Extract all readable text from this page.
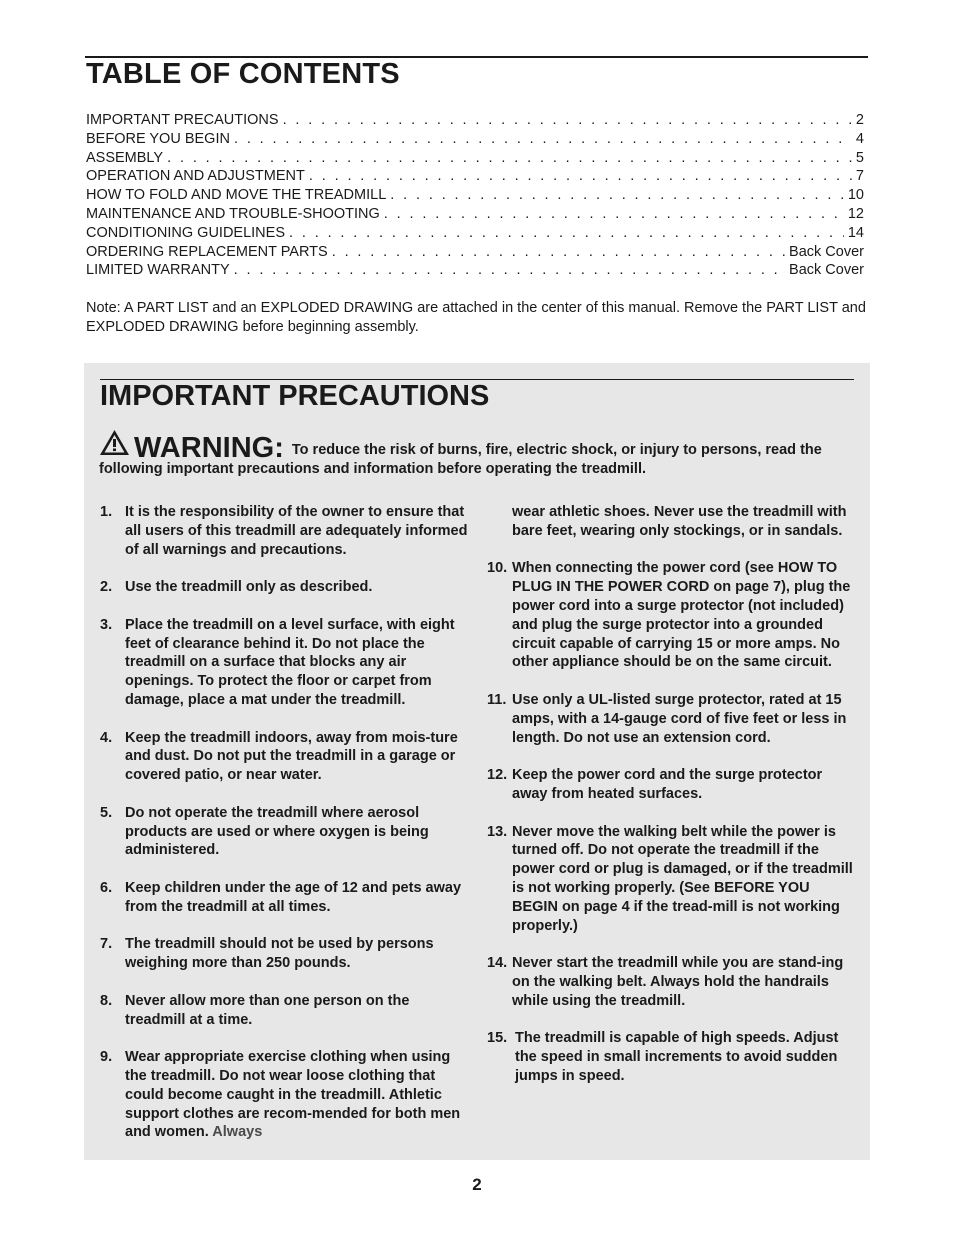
TABLE OF CONTENTS
IMPORTANT PRECAUTIONS . . .	2
BEFORE YOU BEGIN . . .	4
ASSEMBLY . . .	5
OPERATION AND ADJUSTMENT . . .	7
HOW TO FOLD AND MOVE THE TREADMILL . . .	10
MAINTENANCE AND TROUBLE-SHOOTING . . .	12
CONDITIONING GUIDELINES . . .	14
ORDERING REPLACEMENT PARTS . . .	Back Cover
LIMITED WARRANTY . . .	Back Cover

Note: A PART LIST and an EXPLODED DRAWING are attached in the center of this manual. Remove the PART LIST and EXPLODED DRAWING before beginning assembly.

IMPORTANT PRECAUTIONS

WARNING: To reduce the risk of burns, fire, electric shock, or injury to persons, read the following important precautions and information before operating the treadmill.

1. It is the responsibility of the owner to ensure that all users of this treadmill are adequately informed of all warnings and precautions.
2. Use the treadmill only as described.
3. Place the treadmill on a level surface, with eight feet of clearance behind it. Do not place the treadmill on a surface that blocks any air openings. To protect the floor or carpet from damage, place a mat under the treadmill.
4. Keep the treadmill indoors, away from mois-ture and dust. Do not put the treadmill in a garage or covered patio, or near water.
5. Do not operate the treadmill where aerosol products are used or where oxygen is being administered.
6. Keep children under the age of 12 and pets away from the treadmill at all times.
7. The treadmill should not be used by persons weighing more than 250 pounds.
8. Never allow more than one person on the treadmill at a time.
9. Wear appropriate exercise clothing when using the treadmill. Do not wear loose clothing that could become caught in the treadmill. Athletic support clothes are recom-mended for both men and women. Always
wear athletic shoes. Never use the treadmill with bare feet, wearing only stockings, or in sandals.
10. When connecting the power cord (see HOW TO PLUG IN THE POWER CORD on page 7), plug the power cord into a surge protector (not included) and plug the surge protector into a grounded circuit capable of carrying 15 or more amps. No other appliance should be on the same circuit.
11. Use only a UL-listed surge protector, rated at 15 amps, with a 14-gauge cord of five feet or less in length. Do not use an extension cord.
12. Keep the power cord and the surge protector away from heated surfaces.
13. Never move the walking belt while the power is turned off. Do not operate the treadmill if the power cord or plug is damaged, or if the treadmill is not working properly. (See BEFORE YOU BEGIN on page 4 if the tread-mill is not working properly.)
14. Never start the treadmill while you are stand-ing on the walking belt. Always hold the handrails while using the treadmill.
15. The treadmill is capable of high speeds. Adjust the speed in small increments to avoid sudden jumps in speed.
2
